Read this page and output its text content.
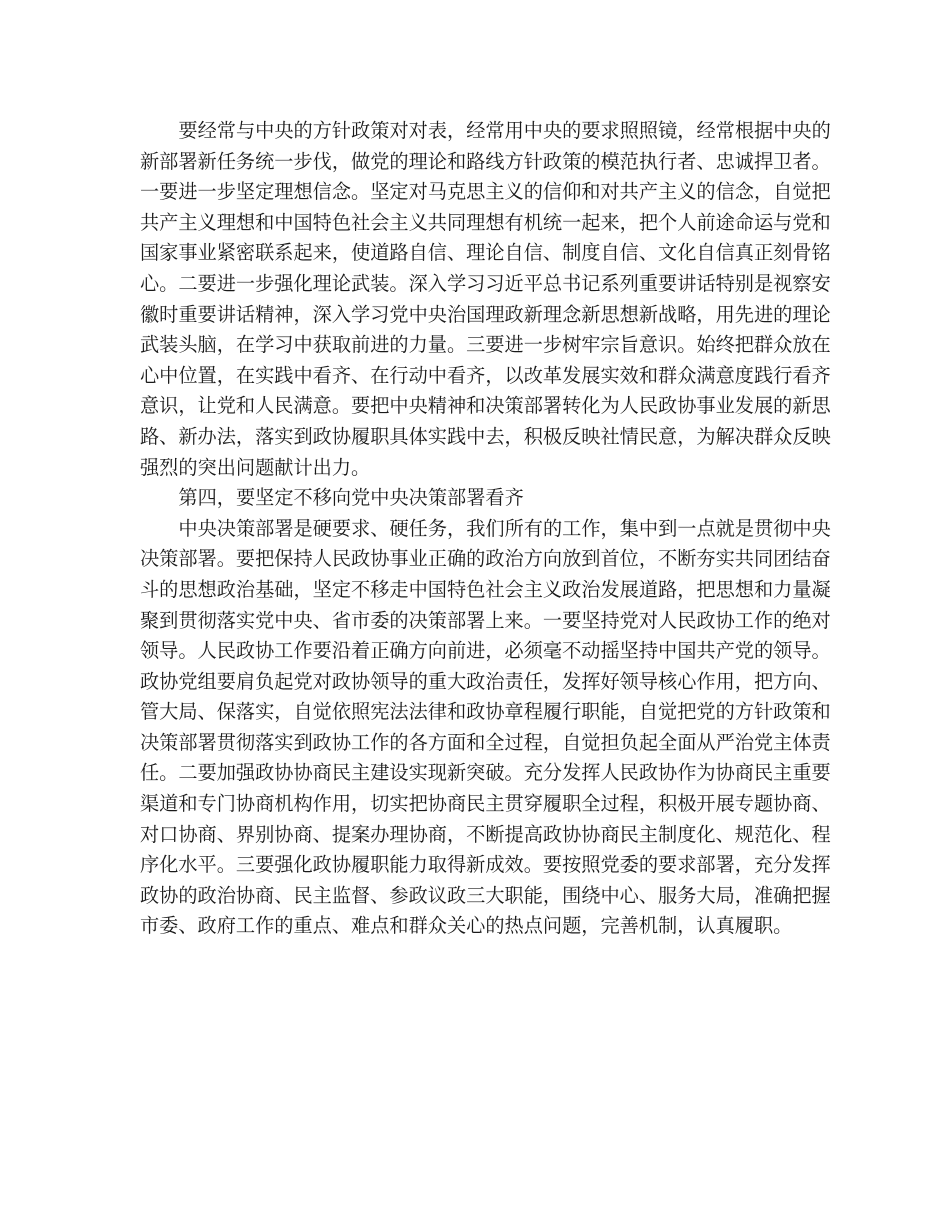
要经常与中央的方针政策对对表，经常用中央的要求照照镜，经常根据中央的
新部署新任务统一步伐，做党的理论和路线方针政策的模范执行者、忠诚捍卫者。
一要进一步坚定理想信念。坚定对马克思主义的信仰和对共产主义的信念，自觉把
共产主义理想和中国特色社会主义共同理想有机统一起来，把个人前途命运与党和
国家事业紧密联系起来，使道路自信、理论自信、制度自信、文化自信真正刻骨铭
心。二要进一步强化理论武装。深入学习习近平总书记系列重要讲话特别是视察安
徽时重要讲话精神，深入学习党中央治国理政新理念新思想新战略，用先进的理论
武装头脑，在学习中获取前进的力量。三要进一步树牢宗旨意识。始终把群众放在
心中位置，在实践中看齐、在行动中看齐，以改革发展实效和群众满意度践行看齐
意识，让党和人民满意。要把中央精神和决策部署转化为人民政协事业发展的新思
路、新办法，落实到政协履职具体实践中去，积极反映社情民意，为解决群众反映
强烈的突出问题献计出力。
第四，要坚定不移向党中央决策部署看齐
中央决策部署是硬要求、硬任务，我们所有的工作，集中到一点就是贯彻中央
决策部署。要把保持人民政协事业正确的政治方向放到首位，不断夯实共同团结奋
斗的思想政治基础，坚定不移走中国特色社会主义政治发展道路，把思想和力量凝
聚到贯彻落实党中央、省市委的决策部署上来。一要坚持党对人民政协工作的绝对
领导。人民政协工作要沿着正确方向前进，必须毫不动摇坚持中国共产党的领导。
政协党组要肩负起党对政协领导的重大政治责任，发挥好领导核心作用，把方向、
管大局、保落实，自觉依照宪法法律和政协章程履行职能，自觉把党的方针政策和
决策部署贯彻落实到政协工作的各方面和全过程，自觉担负起全面从严治党主体责
任。二要加强政协协商民主建设实现新突破。充分发挥人民政协作为协商民主重要
渠道和专门协商机构作用，切实把协商民主贯穿履职全过程，积极开展专题协商、
对口协商、界别协商、提案办理协商，不断提高政协协商民主制度化、规范化、程
序化水平。三要强化政协履职能力取得新成效。要按照党委的要求部署，充分发挥
政协的政治协商、民主监督、参政议政三大职能，围绕中心、服务大局，准确把握
市委、政府工作的重点、难点和群众关心的热点问题，完善机制，认真履职。
